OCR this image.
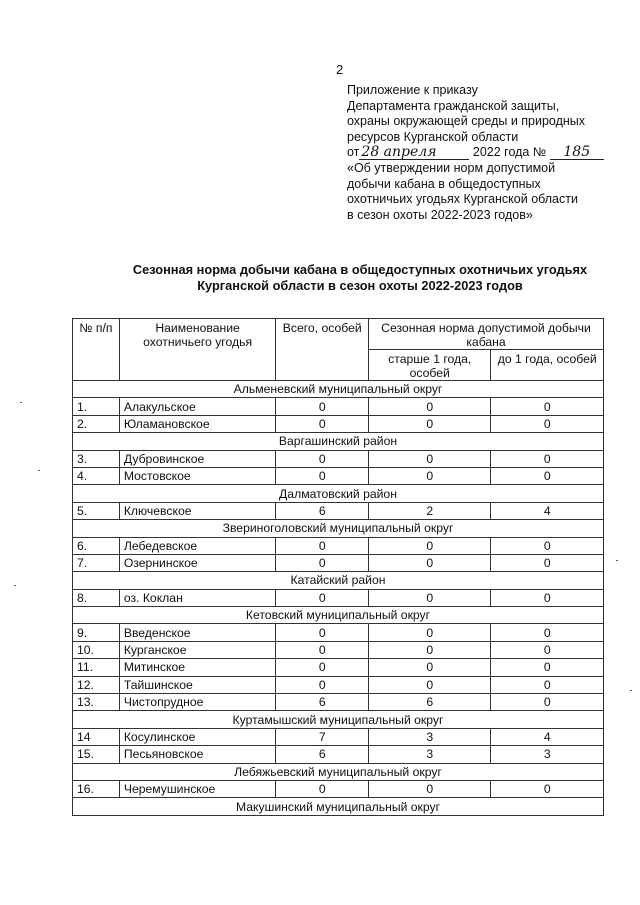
2
Приложение к приказу
Департамента гражданской защиты,
охраны окружающей среды и природных
ресурсов Курганской области
от 28 апреля	2022 года № 185
«Об утверждении норм допустимой
добычи кабана в общедоступных
охотничьих угодьях Курганской области
в сезон охоты 2022-2023 годов»
Сезонная норма добычи кабана в общедоступных охотничьих угодьях
Курганской области в сезон охоты 2022-2023 годов
№ п/п	Наименование охотничьего угодья	Всего, особей	Сезонная норма допустимой добычи кабана	
			старше 1 года, особей	до 1 года, особей
Альменевский муниципальный округ				
1.	Алакульское	0	0	0
2.	Юламановское	0	0	0
Варгашинский район				
3.	Дубровинское	0	0	0
4.	Мостовское	0	0	0
Далматовский район				
5.	Ключевское	6	2	4
Звериноголовский муниципальный округ				
6.	Лебедевское	0	0	0
7.	Озернинское	0	0	0
Катайский район				
8.	оз. Коклан	0	0	0
Кетовский муниципальный округ				
9.	Введенское	0	0	0
10.	Курганское	0	0	0
11.	Митинское	0	0	0
12.	Тайшинское	0	0	0
13.	Чистопрудное	6	6	0
Куртамышский муниципальный округ				
14	Косулинское	7	3	4
15.	Песьяновское	6	3	3
Лебяжьевский муниципальный округ				
16.	Черемушинское	0	0	0
Макушинский муниципальный округ				
